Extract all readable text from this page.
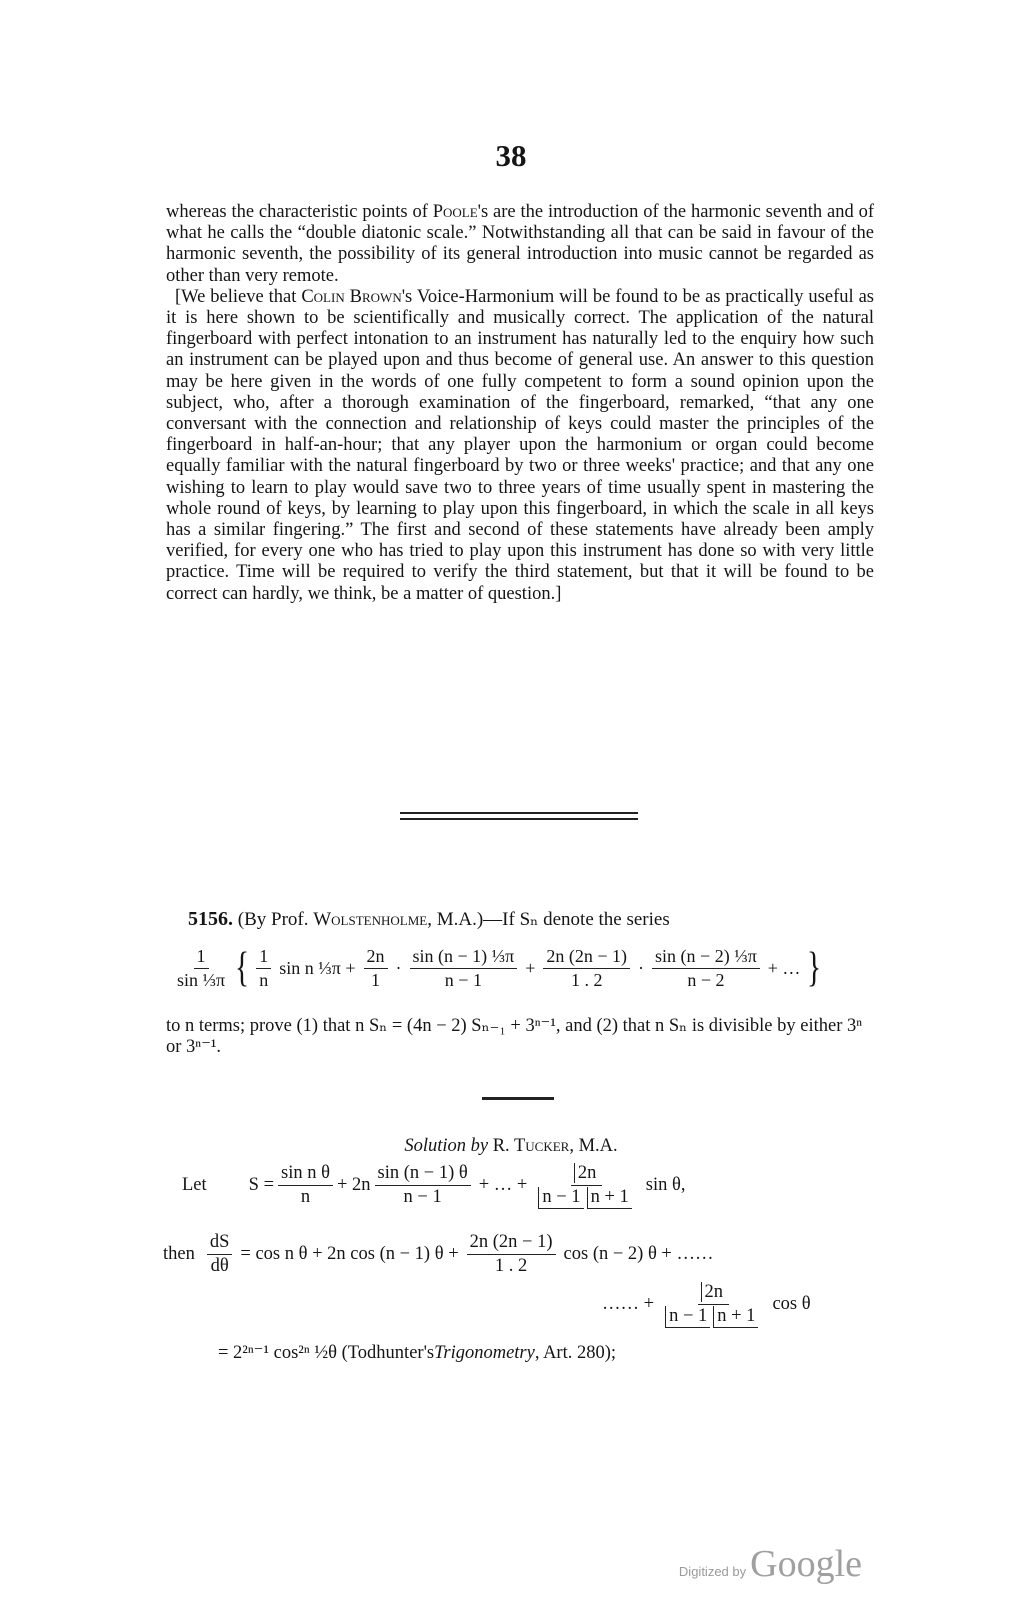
38

whereas the characteristic points of Poole's are the introduction of the harmonic seventh and of what he calls the “double diatonic scale.” Notwithstanding all that can be said in favour of the harmonic seventh, the possibility of its general introduction into music cannot be regarded as other than very remote.

[We believe that Colin Brown's Voice-Harmonium will be found to be as practically useful as it is here shown to be scientifically and musically correct. The application of the natural fingerboard with perfect intonation to an instrument has naturally led to the enquiry how such an instrument can be played upon and thus become of general use. An answer to this question may be here given in the words of one fully competent to form a sound opinion upon the subject, who, after a thorough examination of the fingerboard, remarked, “that any one conversant with the connection and relationship of keys could master the principles of the fingerboard in half-an-hour; that any player upon the harmonium or organ could become equally familiar with the natural fingerboard by two or three weeks' practice; and that any one wishing to learn to play would save two to three years of time usually spent in mastering the whole round of keys, by learning to play upon this fingerboard, in which the scale in all keys has a similar fingering.” The first and second of these statements have already been amply verified, for every one who has tried to play upon this instrument has done so with very little practice. Time will be required to verify the third statement, but that it will be found to be correct can hardly, we think, be a matter of question.]

5156. (By Prof. Wolstenholme, M.A.)—If Sₙ denote the series
$\frac{1}{\text{sin ⅓π}}$ { $\frac{1}{n}$ sin n ⅓π + $\frac{2n}{1} \cdot \frac{\text{sin (n − 1) ⅓π}}{n - 1} + \frac{2n (2n - 1)}{1 . 2} \cdot \frac{\text{sin (n − 2) ⅓π}}{n - 2}$ + … }
to n terms; prove (1) that n Sₙ = (4n − 2) Sₙ₋₁ + 3ⁿ⁻¹, and (2) that n Sₙ is divisible by either 3ⁿ or 3ⁿ⁻¹.
Solution by R. Tucker, M.A.
Let $S = \frac{\text{sin n θ}}{n} + 2n \frac{\sin (n - 1) \theta}{n - 1}$ + … + $\frac{2n}{n - 1 n + 1}$ sin θ,
then $\frac{dS}{d\theta} = \cos n$ θ + 2n cos (n − 1) $\theta + \frac{2n (2n - 1)}{1 . 2}$ cos (n − 2) θ + ……
…… + $\frac{2n}{n - 1 n + 1}$ cos θ
= 2²ⁿ⁻¹ cos²ⁿ ½θ (Todhunter's Trigonometry , Art. 280);
Digitized by Google
